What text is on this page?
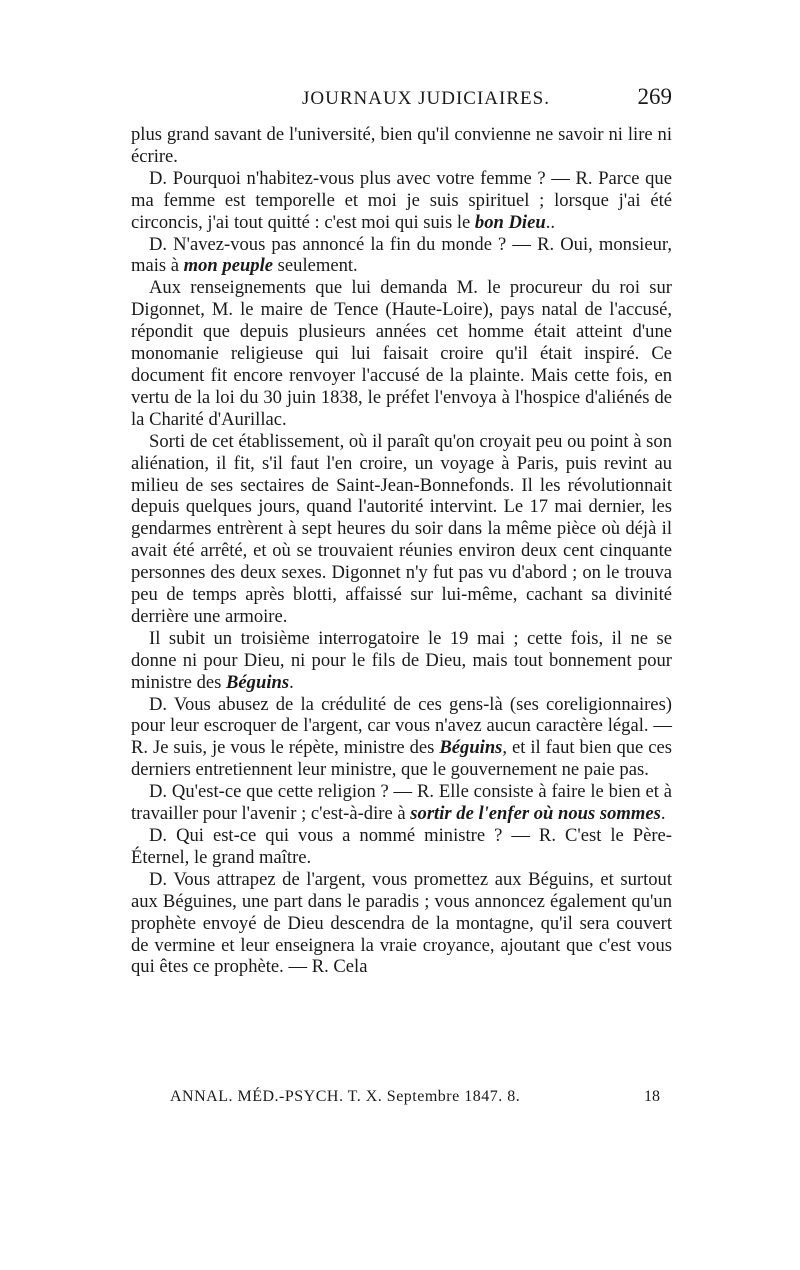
JOURNAUX JUDICIAIRES.	269

plus grand savant de l'université, bien qu'il convienne ne savoir ni lire ni écrire.

D. Pourquoi n'habitez-vous plus avec votre femme ? — R. Parce que ma femme est temporelle et moi je suis spirituel ; lorsque j'ai été circoncis, j'ai tout quitté : c'est moi qui suis le bon Dieu..

D. N'avez-vous pas annoncé la fin du monde ? — R. Oui, monsieur, mais à mon peuple seulement.

Aux renseignements que lui demanda M. le procureur du roi sur Digonnet, M. le maire de Tence (Haute-Loire), pays natal de l'accusé, répondit que depuis plusieurs années cet homme était atteint d'une monomanie religieuse qui lui faisait croire qu'il était inspiré. Ce document fit encore renvoyer l'accusé de la plainte. Mais cette fois, en vertu de la loi du 30 juin 1838, le préfet l'envoya à l'hospice d'aliénés de la Charité d'Aurillac.

Sorti de cet établissement, où il paraît qu'on croyait peu ou point à son aliénation, il fit, s'il faut l'en croire, un voyage à Paris, puis revint au milieu de ses sectaires de Saint-Jean-Bonnefonds. Il les révolutionnait depuis quelques jours, quand l'autorité intervint. Le 17 mai dernier, les gendarmes entrèrent à sept heures du soir dans la même pièce où déjà il avait été arrêté, et où se trouvaient réunies environ deux cent cinquante personnes des deux sexes. Digonnet n'y fut pas vu d'abord ; on le trouva peu de temps après blotti, affaissé sur lui-même, cachant sa divinité derrière une armoire.

Il subit un troisième interrogatoire le 19 mai ; cette fois, il ne se donne ni pour Dieu, ni pour le fils de Dieu, mais tout bonnement pour ministre des Béguins.

D. Vous abusez de la crédulité de ces gens-là (ses coreligionnaires) pour leur escroquer de l'argent, car vous n'avez aucun caractère légal. — R. Je suis, je vous le répète, ministre des Béguins, et il faut bien que ces derniers entretiennent leur ministre, que le gouvernement ne paie pas.

D. Qu'est-ce que cette religion ? — R. Elle consiste à faire le bien et à travailler pour l'avenir ; c'est-à-dire à sortir de l'enfer où nous sommes.

D. Qui est-ce qui vous a nommé ministre ? — R. C'est le Père-Éternel, le grand maître.

D. Vous attrapez de l'argent, vous promettez aux Béguins, et surtout aux Béguines, une part dans le paradis ; vous annoncez également qu'un prophète envoyé de Dieu descendra de la montagne, qu'il sera couvert de vermine et leur enseignera la vraie croyance, ajoutant que c'est vous qui êtes ce prophète. — R. Cela

ANNAL. MÉD.-PSYCH. T. X. Septembre 1847. 8.	18
